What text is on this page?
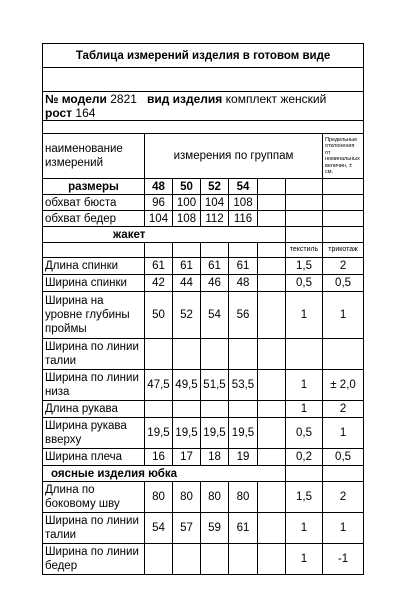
Таблица измерений изделия в готовом виде							

№ модели 2821 вид изделия комплект женский   рост 164							

наименование измерений	измерения по группам						Предельные отклонения от номинальных величин, ± см.
размеры	48	50	52	54			
обхват бюста	96	100	104	108			
обхват бедер	104	108	112	116			
жакет							
						текстиль	трикотаж
Длина спинки	61	61	61	61		1,5	2
Ширина спинки	42	44	46	48		0,5	0,5
Ширина на уровне глубины проймы	50	52	54	56		1	1
Ширина по линии талии							
Ширина по линии низа	47,5	49,5	51,5	53,5		1	± 2,0
Длина рукава						1	2
Ширина рукава вверху	19,5	19,5	19,5	19,5		0,5	1
Ширина плеча	16	17	18	19		0,2	0,5
оясные изделия юбка							
Длина по боковому шву	80	80	80	80		1,5	2
Ширина по линии талии	54	57	59	61		1	1
Ширина по линии бедер						1	-1
